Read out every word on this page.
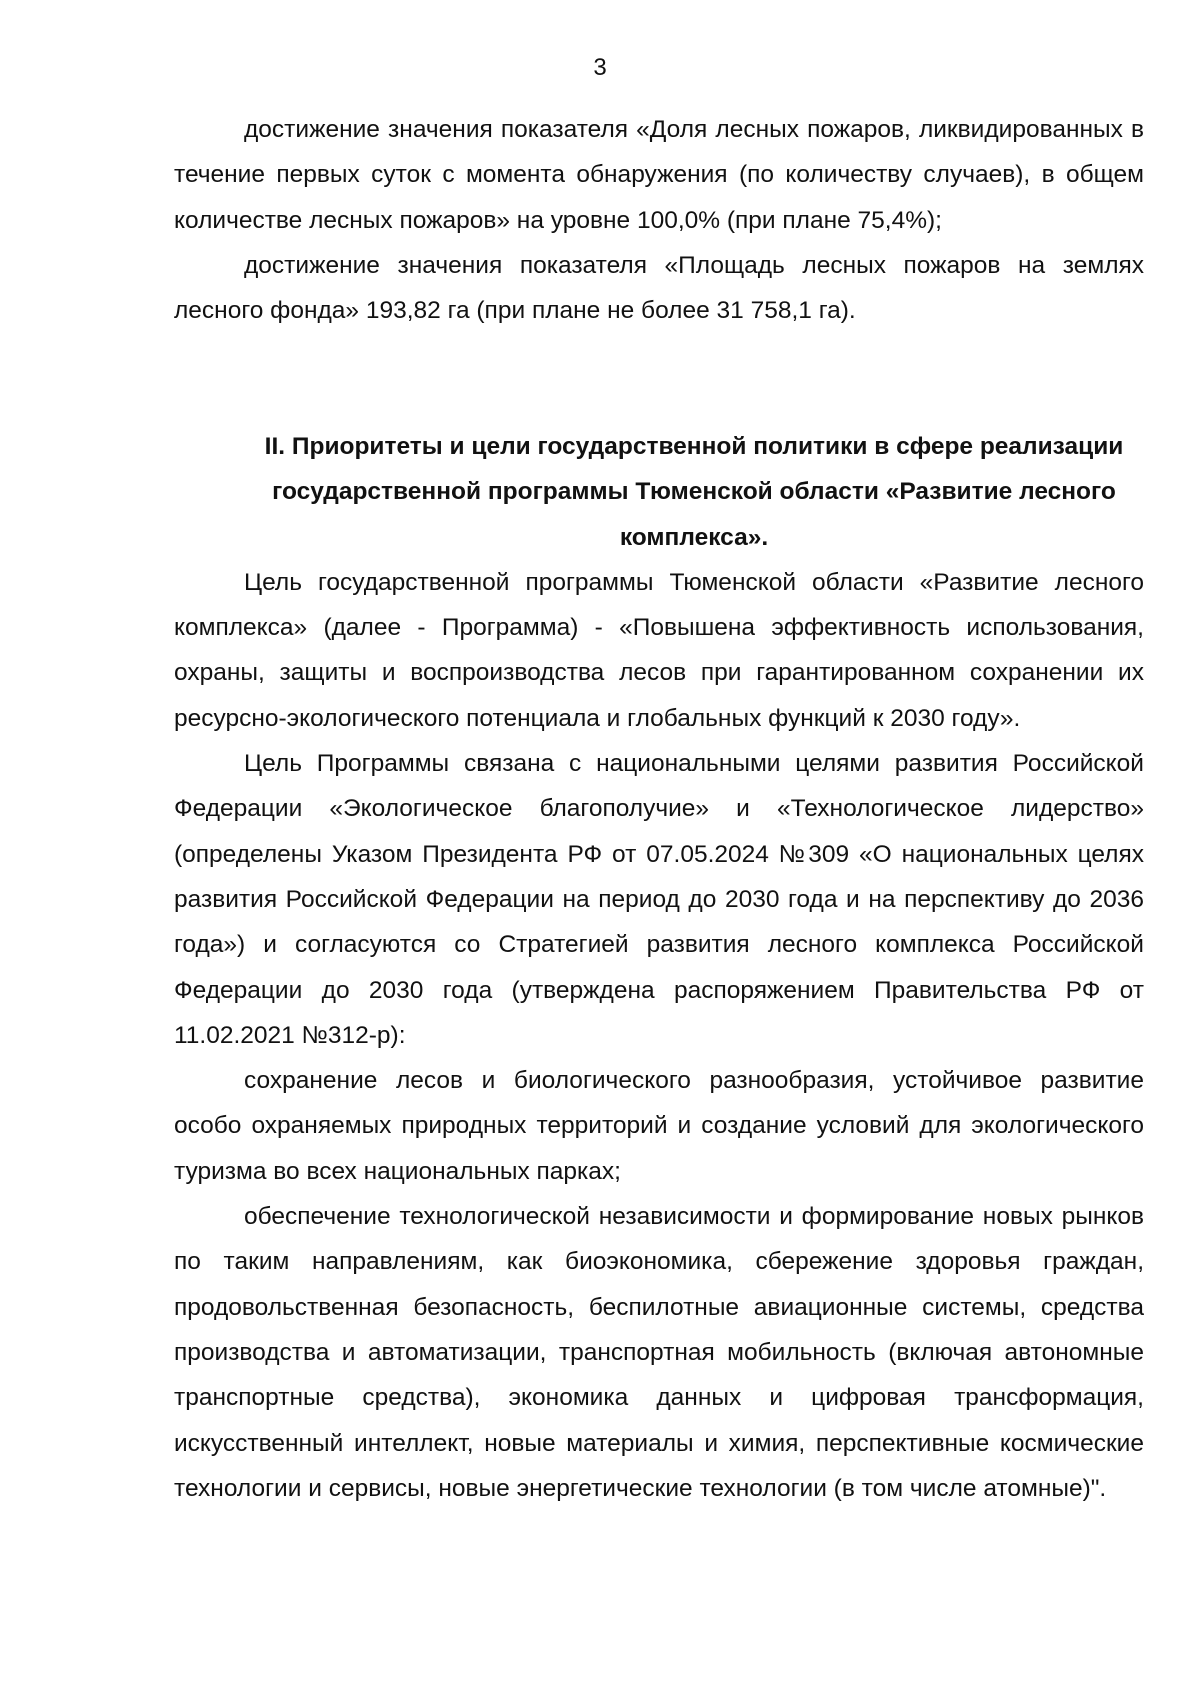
3

достижение значения показателя «Доля лесных пожаров, ликвидированных в течение первых суток с момента обнаружения (по количеству случаев), в общем количестве лесных пожаров» на уровне 100,0% (при плане 75,4%);

достижение значения показателя «Площадь лесных пожаров на землях лесного фонда» 193,82 га (при плане не более 31 758,1 га).

II. Приоритеты и цели государственной политики в сфере реализации государственной программы Тюменской области «Развитие лесного комплекса».

Цель государственной программы Тюменской области «Развитие лесного комплекса» (далее - Программа) - «Повышена эффективность использования, охраны, защиты и воспроизводства лесов при гарантированном сохранении их ресурсно-экологического потенциала и глобальных функций к 2030 году».

Цель Программы связана с национальными целями развития Российской Федерации «Экологическое благополучие» и «Технологическое лидерство» (определены Указом Президента РФ от 07.05.2024 №309 «О национальных целях развития Российской Федерации на период до 2030 года и на перспективу до 2036 года») и согласуются со Стратегией развития лесного комплекса Российской Федерации до 2030 года (утверждена распоряжением Правительства РФ от 11.02.2021 №312-р):

сохранение лесов и биологического разнообразия, устойчивое развитие особо охраняемых природных территорий и создание условий для экологического туризма во всех национальных парках;

обеспечение технологической независимости и формирование новых рынков по таким направлениям, как биоэкономика, сбережение здоровья граждан, продовольственная безопасность, беспилотные авиационные системы, средства производства и автоматизации, транспортная мобильность (включая автономные транспортные средства), экономика данных и цифровая трансформация, искусственный интеллект, новые материалы и химия, перспективные космические технологии и сервисы, новые энергетические технологии (в том числе атомные)".
